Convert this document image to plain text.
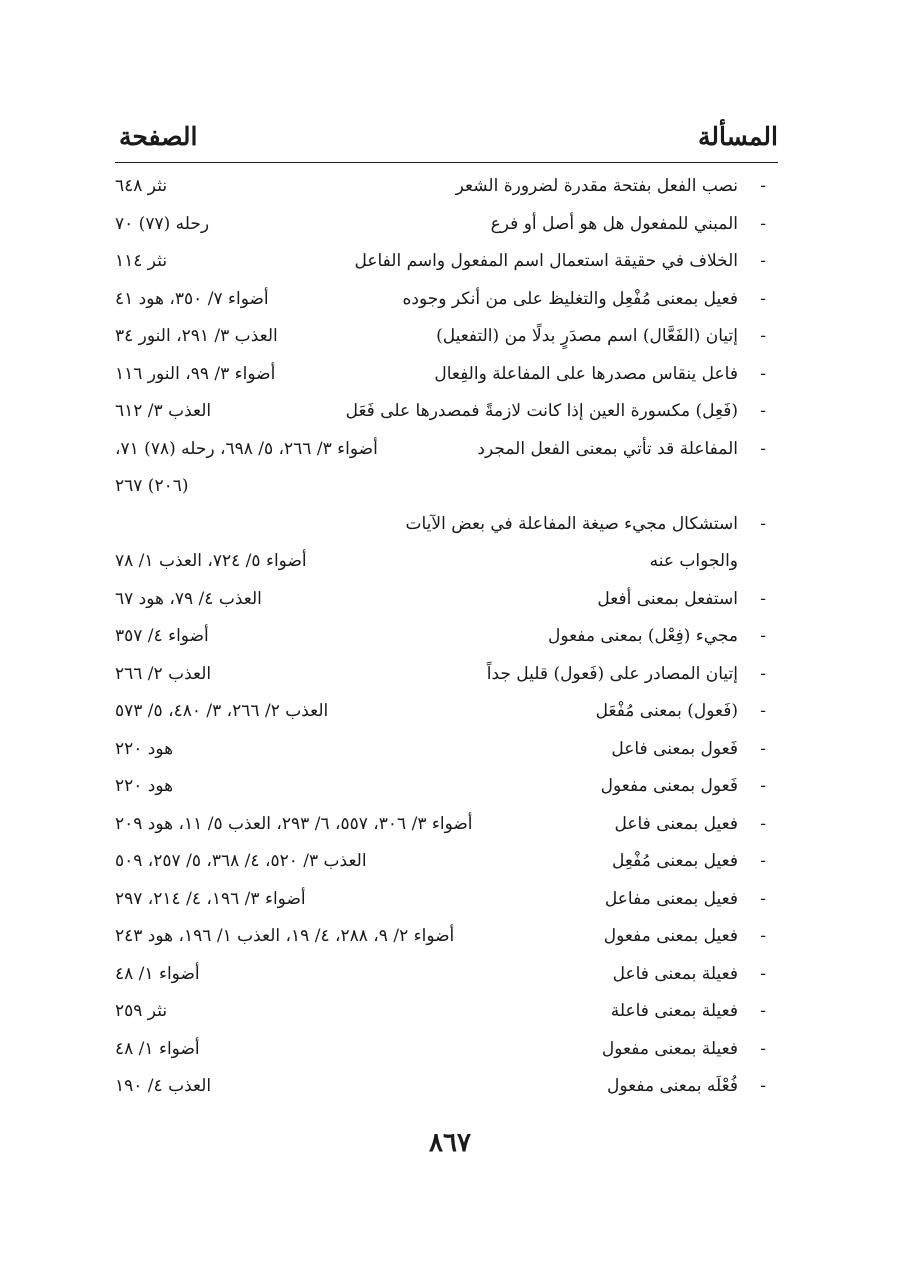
المسألة
الصفحة
-
نصب الفعل بفتحة مقدرة لضرورة الشعر
نثر ٦٤٨
-
المبني للمفعول هل هو أصل أو فرع
رحله (٧٧) ٧٠
-
الخلاف في حقيقة استعمال اسم المفعول واسم الفاعل
نثر ١١٤
-
فعيل بمعنى مُفْعِل والتغليظ على من أنكر وجوده
أضواء ٧/ ٣٥٠، هود ٤١
-
إتيان (الفَعَّال) اسم مصدَرٍ بدلًا من (التفعيل)
العذب ٣/ ٢٩١، النور ٣٤
-
فاعل ينقاس مصدرها على المفاعلة والفِعال
أضواء ٣/ ٩٩، النور ١١٦
-
(فَعِل) مكسورة العين إذا كانت لازمةً فمصدرها على فَعَل
العذب ٣/ ٦١٢
-
المفاعلة قد تأتي بمعنى الفعل المجرد
أضواء ٣/ ٢٦٦، ٥/ ٦٩٨، رحله (٧٨) ٧١،
(٢٠٦) ٢٦٧
-
استشكال مجيء صيغة المفاعلة في بعض الآيات
والجواب عنه
أضواء ٥/ ٧٢٤، العذب ١/ ٧٨
-
استفعل بمعنى أفعل
العذب ٤/ ٧٩، هود ٦٧
-
مجيء (فِعْل) بمعنى مفعول
أضواء ٤/ ٣٥٧
-
إتيان المصادر على (فَعول) قليل جداً
العذب ٢/ ٢٦٦
-
(فَعول) بمعنى مُفْعَل
العذب ٢/ ٢٦٦، ٣/ ٤٨٠، ٥/ ٥٧٣
-
فَعول بمعنى فاعل
هود ٢٢٠
-
فَعول بمعنى مفعول
هود ٢٢٠
-
فعيل بمعنى فاعل
أضواء ٣/ ٣٠٦، ٥٥٧، ٦/ ٢٩٣، العذب ٥/ ١١، هود ٢٠٩
-
فعيل بمعنى مُفْعِل
العذب ٣/ ٥٢٠، ٤/ ٣٦٨، ٥/ ٢٥٧، ٥٠٩
-
فعيل بمعنى مفاعل
أضواء ٣/ ١٩٦، ٤/ ٢١٤، ٢٩٧
-
فعيل بمعنى مفعول
أضواء ٢/ ٩، ٢٨٨، ٤/ ١٩، العذب ١/ ١٩٦، هود ٢٤٣
-
فعيلة بمعنى فاعل
أضواء ١/ ٤٨
-
فعيلة بمعنى فاعلة
نثر ٢٥٩
-
فعيلة بمعنى مفعول
أضواء ١/ ٤٨
-
فُعْلَه بمعنى مفعول
العذب ٤/ ١٩٠
٨٦٧
